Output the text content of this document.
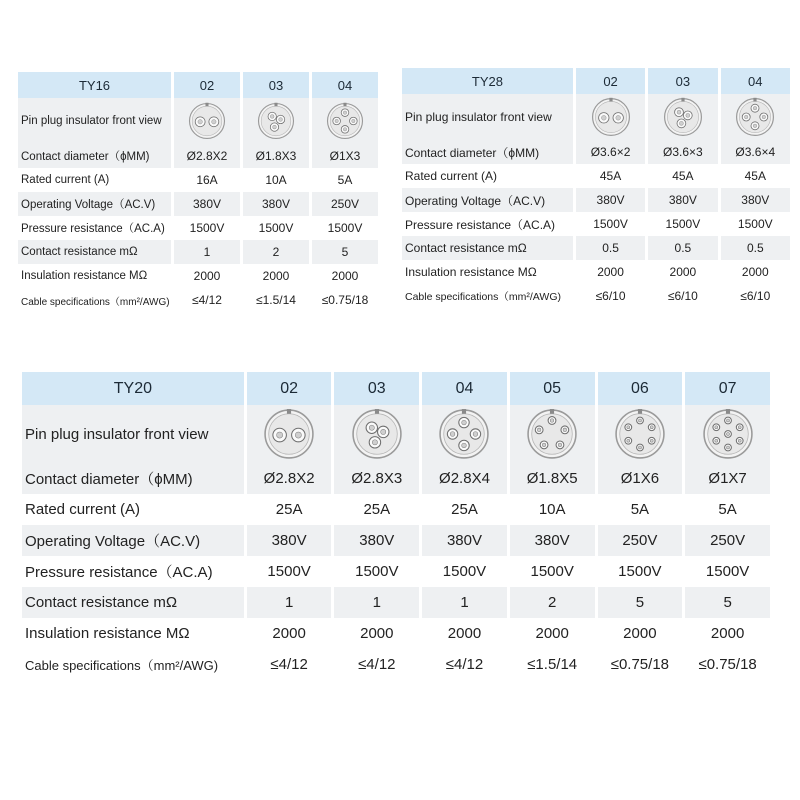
TY16		02		03		04
Pin plug insulator front view		

Contact diameter（ϕMM)		Ø2.8X2		Ø1.8X3		Ø1X3
Rated current (A)		16A		10A		5A
Operating Voltage（AC.V)		380V		380V		250V
Pressure resistance（AC.A)		1500V		1500V		1500V
Contact resistance mΩ		1		2		5
Insulation resistance MΩ		2000		2000		2000
Cable specifications（mm²/AWG)		≤4/12		≤1.5/14		≤0.75/18
TY28		02		03		04
Pin plug insulator front view		

Contact diameter（ϕMM)		Ø3.6×2		Ø3.6×3		Ø3.6×4
Rated current (A)		45A		45A		45A
Operating Voltage（AC.V)		380V		380V		380V
Pressure resistance（AC.A)		1500V		1500V		1500V
Contact resistance mΩ		0.5		0.5		0.5
Insulation resistance MΩ		2000		2000		2000
Cable specifications（mm²/AWG)		≤6/10		≤6/10		≤6/10
TY20		02		03		04		05		06		07
Pin plug insulator front view		

Contact diameter（ϕMM)		Ø2.8X2		Ø2.8X3		Ø2.8X4		Ø1.8X5		Ø1X6		Ø1X7
Rated current (A)		25A		25A		25A		10A		5A		5A
Operating Voltage（AC.V)		380V		380V		380V		380V		250V		250V
Pressure resistance（AC.A)		1500V		1500V		1500V		1500V		1500V		1500V
Contact resistance mΩ		1		1		1		2		5		5
Insulation resistance MΩ		2000		2000		2000		2000		2000		2000
Cable specifications（mm²/AWG)		≤4/12		≤4/12		≤4/12		≤1.5/14		≤0.75/18		≤0.75/18
